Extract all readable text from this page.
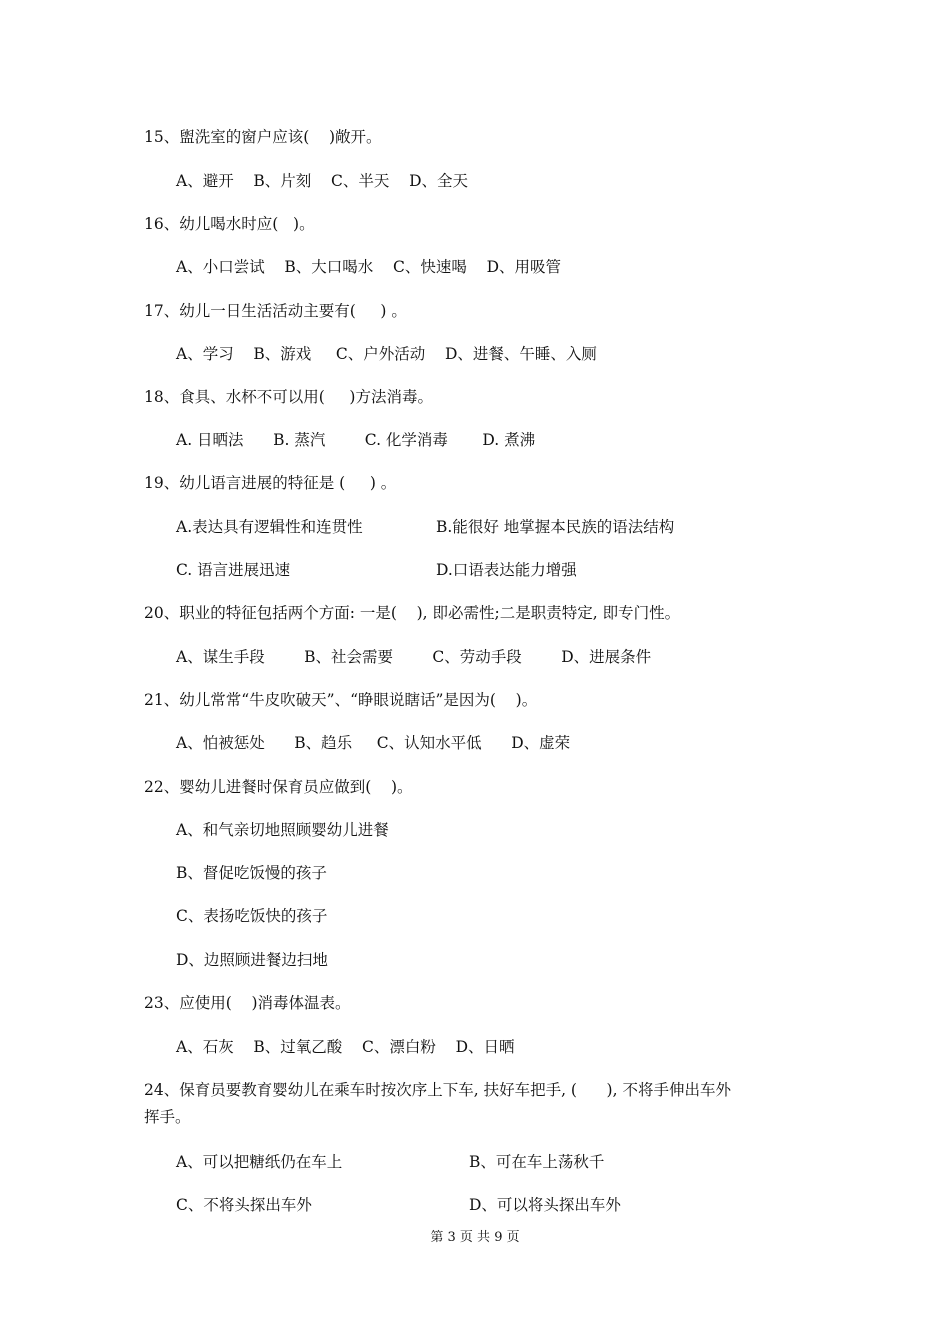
15、盥洗室的窗户应该(    )敞开。
A、避开    B、片刻    C、半天    D、全天
16、幼儿喝水时应(   )。
A、小口尝试    B、大口喝水    C、快速喝    D、用吸管
17、幼儿一日生活活动主要有(     ) 。
A、学习    B、游戏     C、户外活动    D、进餐、午睡、入厕
18、食具、水杯不可以用(     )方法消毒。
A. 日晒法      B. 蒸汽        C. 化学消毒       D. 煮沸
19、幼儿语言进展的特征是 (     ) 。
A.表达具有逻辑性和连贯性	B.能很好 地掌握本民族的语法结构
C. 语言进展迅速	D.口语表达能力增强
20、职业的特征包括两个方面: 一是(    ), 即必需性;二是职责特定, 即专门性。
A、谋生手段        B、社会需要        C、劳动手段        D、进展条件
21、幼儿常常“牛皮吹破天”、“睁眼说瞎话”是因为(    )。
A、怕被惩处      B、趋乐     C、认知水平低      D、虚荣
22、婴幼儿进餐时保育员应做到(    )。
A、和气亲切地照顾婴幼儿进餐
B、督促吃饭慢的孩子
C、表扬吃饭快的孩子
D、边照顾进餐边扫地
23、应使用(    )消毒体温表。
A、石灰    B、过氧乙酸    C、漂白粉    D、日晒
24、保育员要教育婴幼儿在乘车时按次序上下车, 扶好车把手, (      ), 不将手伸出车外
挥手。
A、可以把糖纸仍在车上	B、可在车上荡秋千
C、不将头探出车外	D、可以将头探出车外
第 3 页 共 9 页
